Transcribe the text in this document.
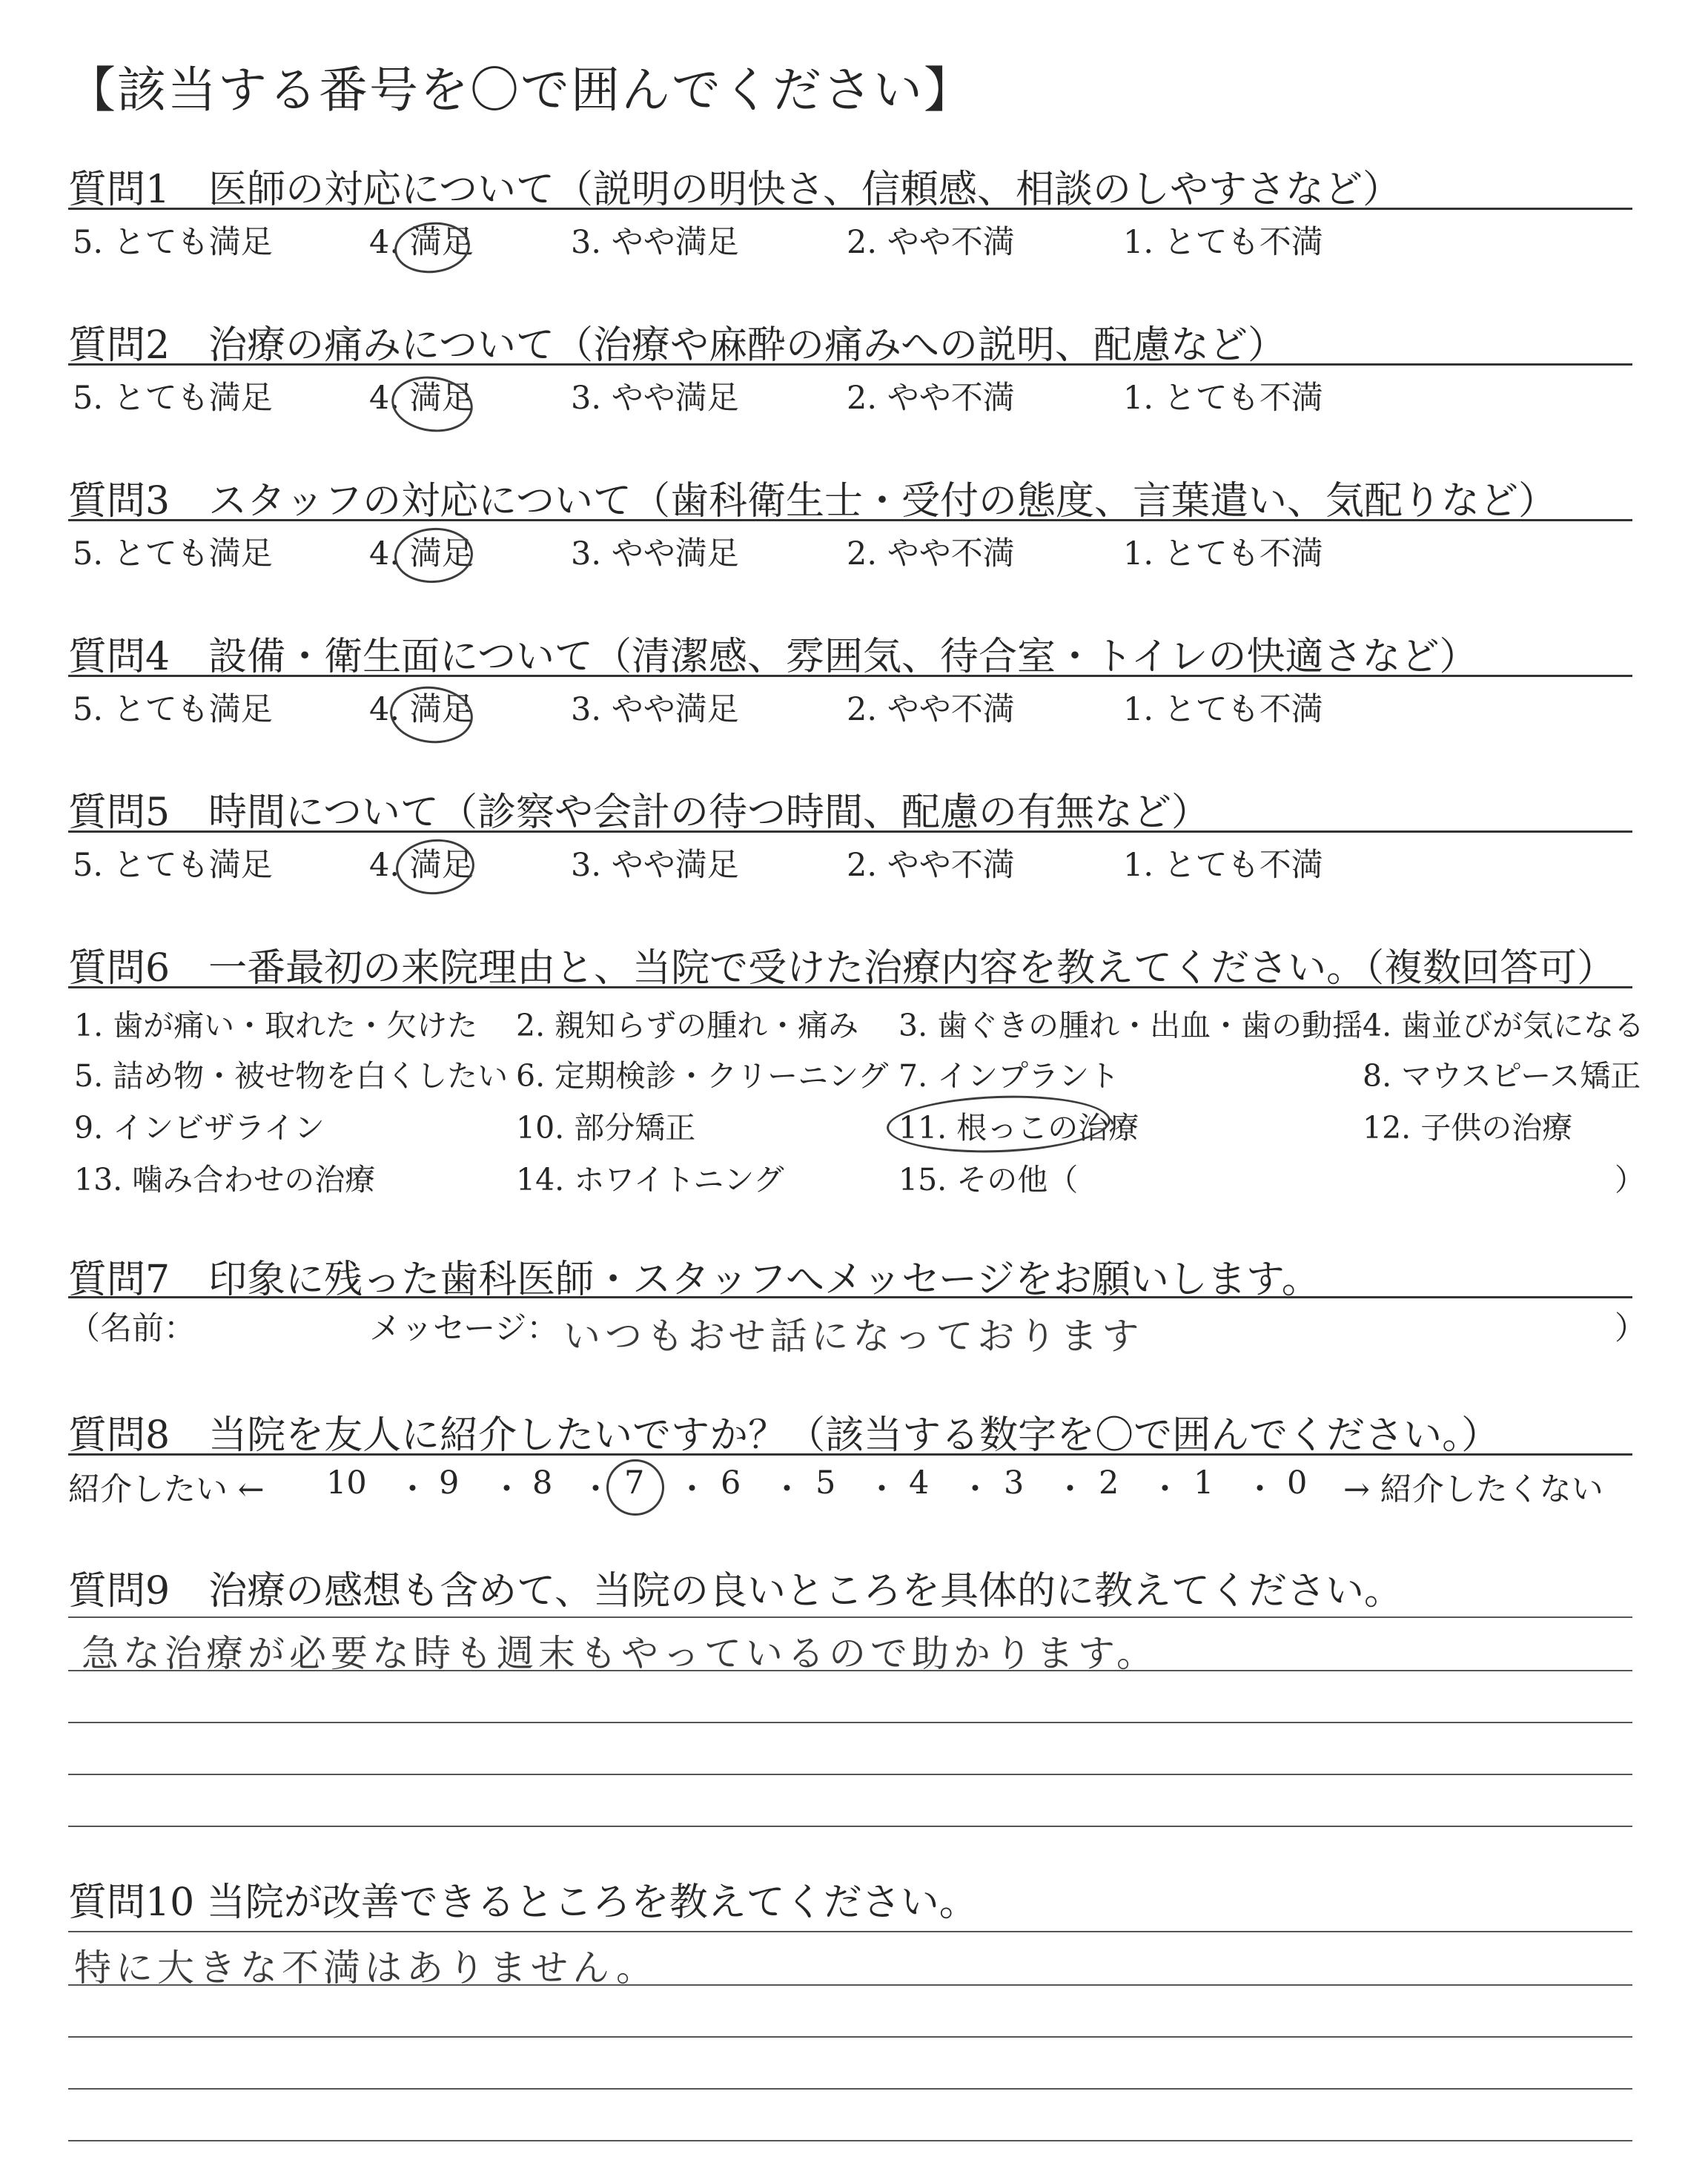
【該当する番号を〇で囲んでください】
質問1　医師の対応について（説明の明快さ、信頼感、相談のしやすさなど）
5. とても満足	4. 満足	3. やや満足	2. やや不満	1. とても不満
質問2　治療の痛みについて（治療や麻酔の痛みへの説明、配慮など）
5. とても満足	4. 満足	3. やや満足	2. やや不満	1. とても不満
質問3　スタッフの対応について（歯科衛生士・受付の態度、言葉遣い、気配りなど）
5. とても満足	4. 満足	3. やや満足	2. やや不満	1. とても不満
質問4　設備・衛生面について（清潔感、雰囲気、待合室・トイレの快適さなど）
5. とても満足	4. 満足	3. やや満足	2. やや不満	1. とても不満
質問5　時間について（診察や会計の待つ時間、配慮の有無など）
5. とても満足	4. 満足	3. やや満足	2. やや不満	1. とても不満
質問6　一番最初の来院理由と、当院で受けた治療内容を教えてください。（複数回答可）
1. 歯が痛い・取れた・欠けた 2. 親知らずの腫れ・痛み 3. 歯ぐきの腫れ・出血・歯の動揺 4. 歯並びが気になる
5. 詰め物・被せ物を白くしたい 6. 定期検診・クリーニング 7. インプラント	8. マウスピース矯正
9. インビザライン	10. 部分矯正	11. 根っこの治療	12. 子供の治療
13. 噛み合わせの治療	14. ホワイトニング	15. その他（	）
質問7　印象に残った歯科医師・スタッフへメッセージをお願いします。
（名前：	メッセージ： いつもおせ話になっております	）
質問8　当院を友人に紹介したいですか？（該当する数字を〇で囲んでください。）
紹介したい ← 10 ・ 9 ・ 8 ・ 7 ・ 6 ・ 5 ・ 4 ・ 3 ・ 2 ・ 1 ・ 0 → 紹介したくない
質問9　治療の感想も含めて、当院の良いところを具体的に教えてください。
急な治療が必要な時も週末もやっているので助かります。
質問10 当院が改善できるところを教えてください。
特に大きな不満はありません。
